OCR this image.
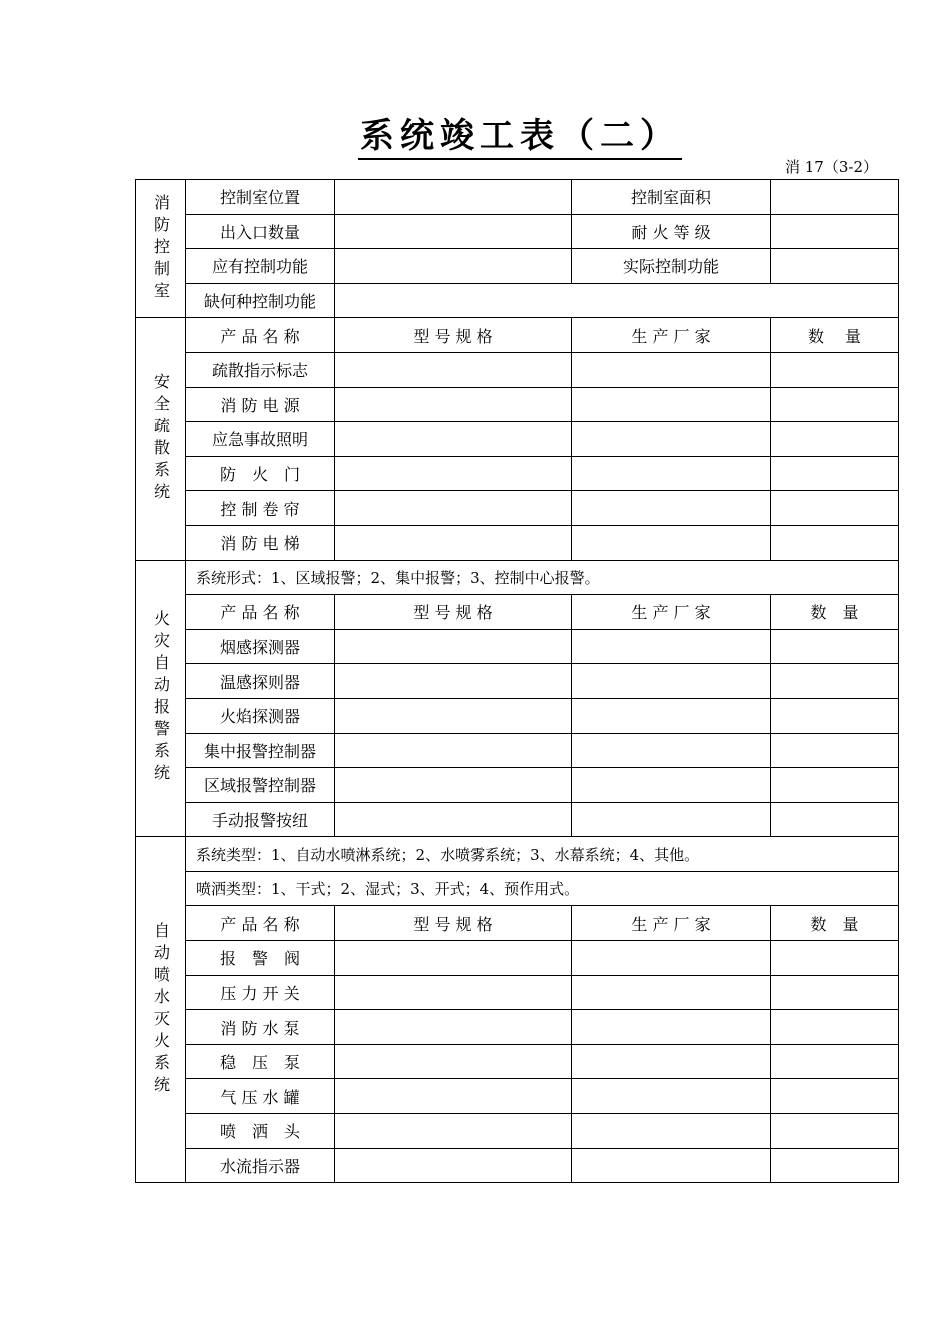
系统竣工表（二）
消 17（3-2）
消防控制室	控制室位置		控制室面积	
	出入口数量		耐 火 等 级	
	应有控制功能		实际控制功能	
	缺何种控制功能			
安全疏散系统	产 品 名 称	型 号 规 格	生 产 厂 家	数　 量
	疏散指示标志			
	消 防 电 源			
	应急事故照明			
	防　火　门			
	控 制 卷 帘			
	消 防 电 梯			
火灾自动报警系统	系统形式：1、区域报警；2、集中报警；3、控制中心报警。			
	产 品 名 称	型 号 规 格	生 产 厂 家	数　量
	烟感探测器			
	温感探则器			
	火焰探测器			
	集中报警控制器			
	区域报警控制器			
	手动报警按纽			
自动喷水灭火系统	系统类型：1、自动水喷淋系统；2、水喷雾系统；3、水幕系统；4、其他。			
	喷洒类型：1、干式；2、湿式；3、开式；4、预作用式。			
	产 品 名 称	型 号 规 格	生 产 厂 家	数　量
	报　警　阀			
	压 力 开 关			
	消 防 水 泵			
	稳　压　泵			
	气 压 水 罐			
	喷　洒　头			
	水流指示器			
